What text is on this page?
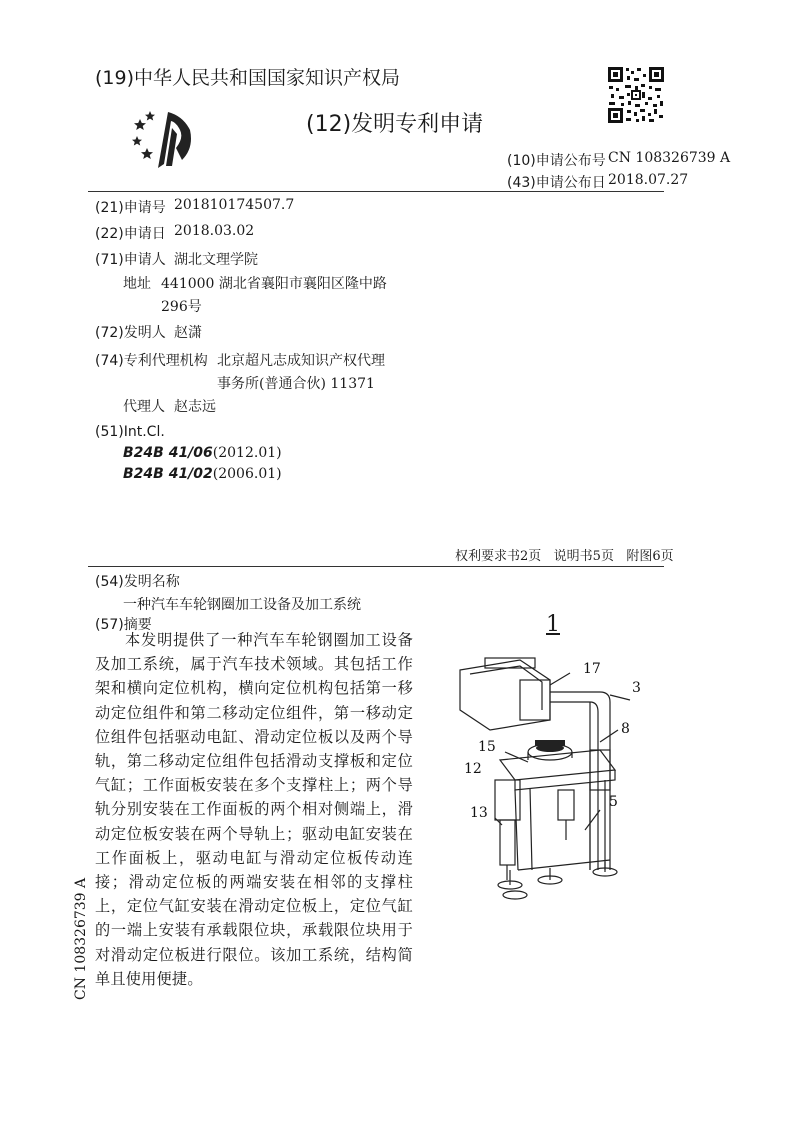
(19)中华人民共和国国家知识产权局
(12)发明专利申请
(10)申请公布号 CN 108326739 A
(43)申请公布日 2018.07.27
(21)申请号 201810174507.7
(22)申请日 2018.03.02
(71)申请人 湖北文理学院
地址 441000 湖北省襄阳市襄阳区隆中路
296号
(72)发明人 赵潇
(74)专利代理机构 北京超凡志成知识产权代理
事务所(普通合伙) 11371
代理人 赵志远
(51)Int.Cl.
B24B 41/06(2012.01)
B24B 41/02(2006.01)
权利要求书2页   说明书5页   附图6页
(54)发明名称
一种汽车车轮钢圈加工设备及加工系统
(57)摘要
本发明提供了一种汽车车轮钢圈加工设备及加工系统，属于汽车技术领域。其包括工作架和横向定位机构，横向定位机构包括第一移动定位组件和第二移动定位组件，第一移动定位组件包括驱动电缸、滑动定位板以及两个导轨，第二移动定位组件包括滑动支撑板和定位气缸；工作面板安装在多个支撑柱上；两个导轨分别安装在工作面板的两个相对侧端上，滑动定位板安装在两个导轨上；驱动电缸安装在工作面板上，驱动电缸与滑动定位板传动连接；滑动定位板的两端安装在相邻的支撑柱上，定位气缸安装在滑动定位板上，定位气缸的一端上安装有承载限位块，承载限位块用于对滑动定位板进行限位。该加工系统，结构简单且使用便捷。
1
17
3
8
15
12
5
13
CN 108326739 A
